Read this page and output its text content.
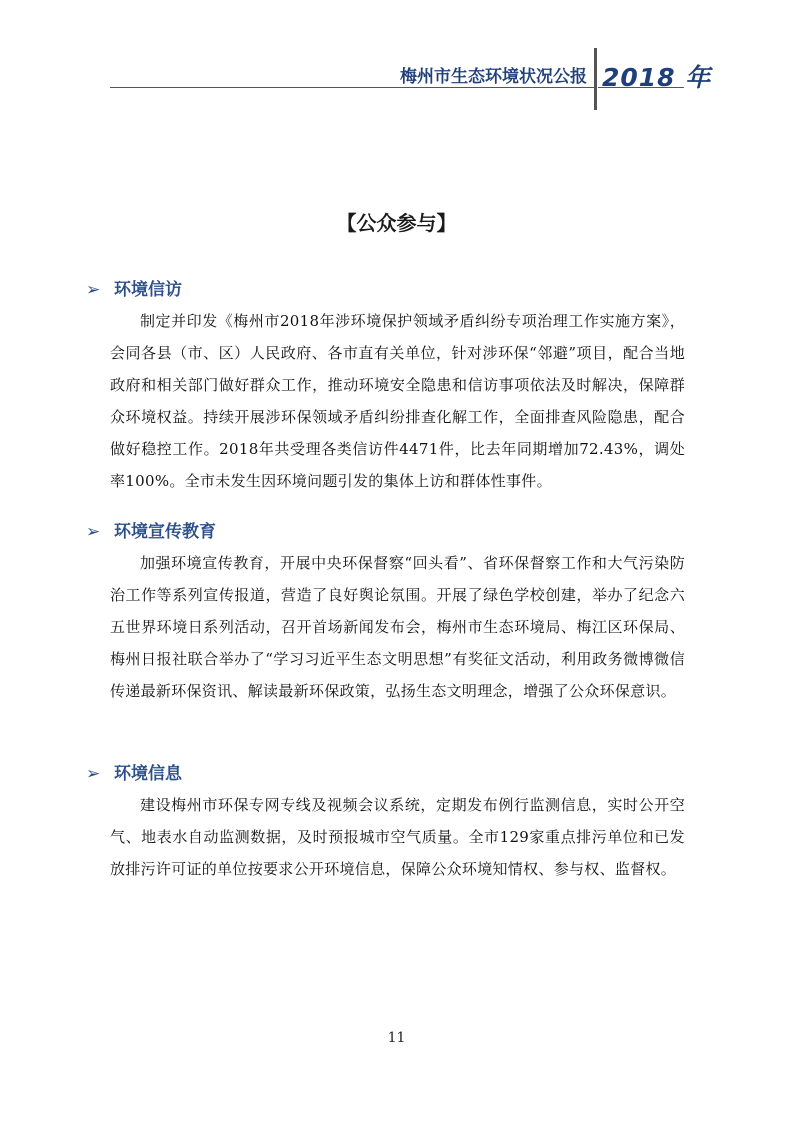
梅州市生态环境状况公报 2018 年
【公众参与】
➢ 环境信访
制定并印发《梅州市2018年涉环境保护领域矛盾纠纷专项治理工作实施方案》，会同各县（市、区）人民政府、各市直有关单位，针对涉环保“邻避”项目，配合当地政府和相关部门做好群众工作，推动环境安全隐患和信访事项依法及时解决，保障群众环境权益。持续开展涉环保领域矛盾纠纷排查化解工作，全面排查风险隐患，配合做好稳控工作。2018年共受理各类信访件4471件，比去年同期增加72.43%，调处率100%。全市未发生因环境问题引发的集体上访和群体性事件。
➢ 环境宣传教育
加强环境宣传教育，开展中央环保督察“回头看”、省环保督察工作和大气污染防治工作等系列宣传报道，营造了良好舆论氛围。开展了绿色学校创建，举办了纪念六五世界环境日系列活动，召开首场新闻发布会，梅州市生态环境局、梅江区环保局、梅州日报社联合举办了“学习习近平生态文明思想”有奖征文活动，利用政务微博微信传递最新环保资讯、解读最新环保政策，弘扬生态文明理念，增强了公众环保意识。
➢ 环境信息
建设梅州市环保专网专线及视频会议系统，定期发布例行监测信息，实时公开空气、地表水自动监测数据，及时预报城市空气质量。全市129家重点排污单位和已发放排污许可证的单位按要求公开环境信息，保障公众环境知情权、参与权、监督权。
11
